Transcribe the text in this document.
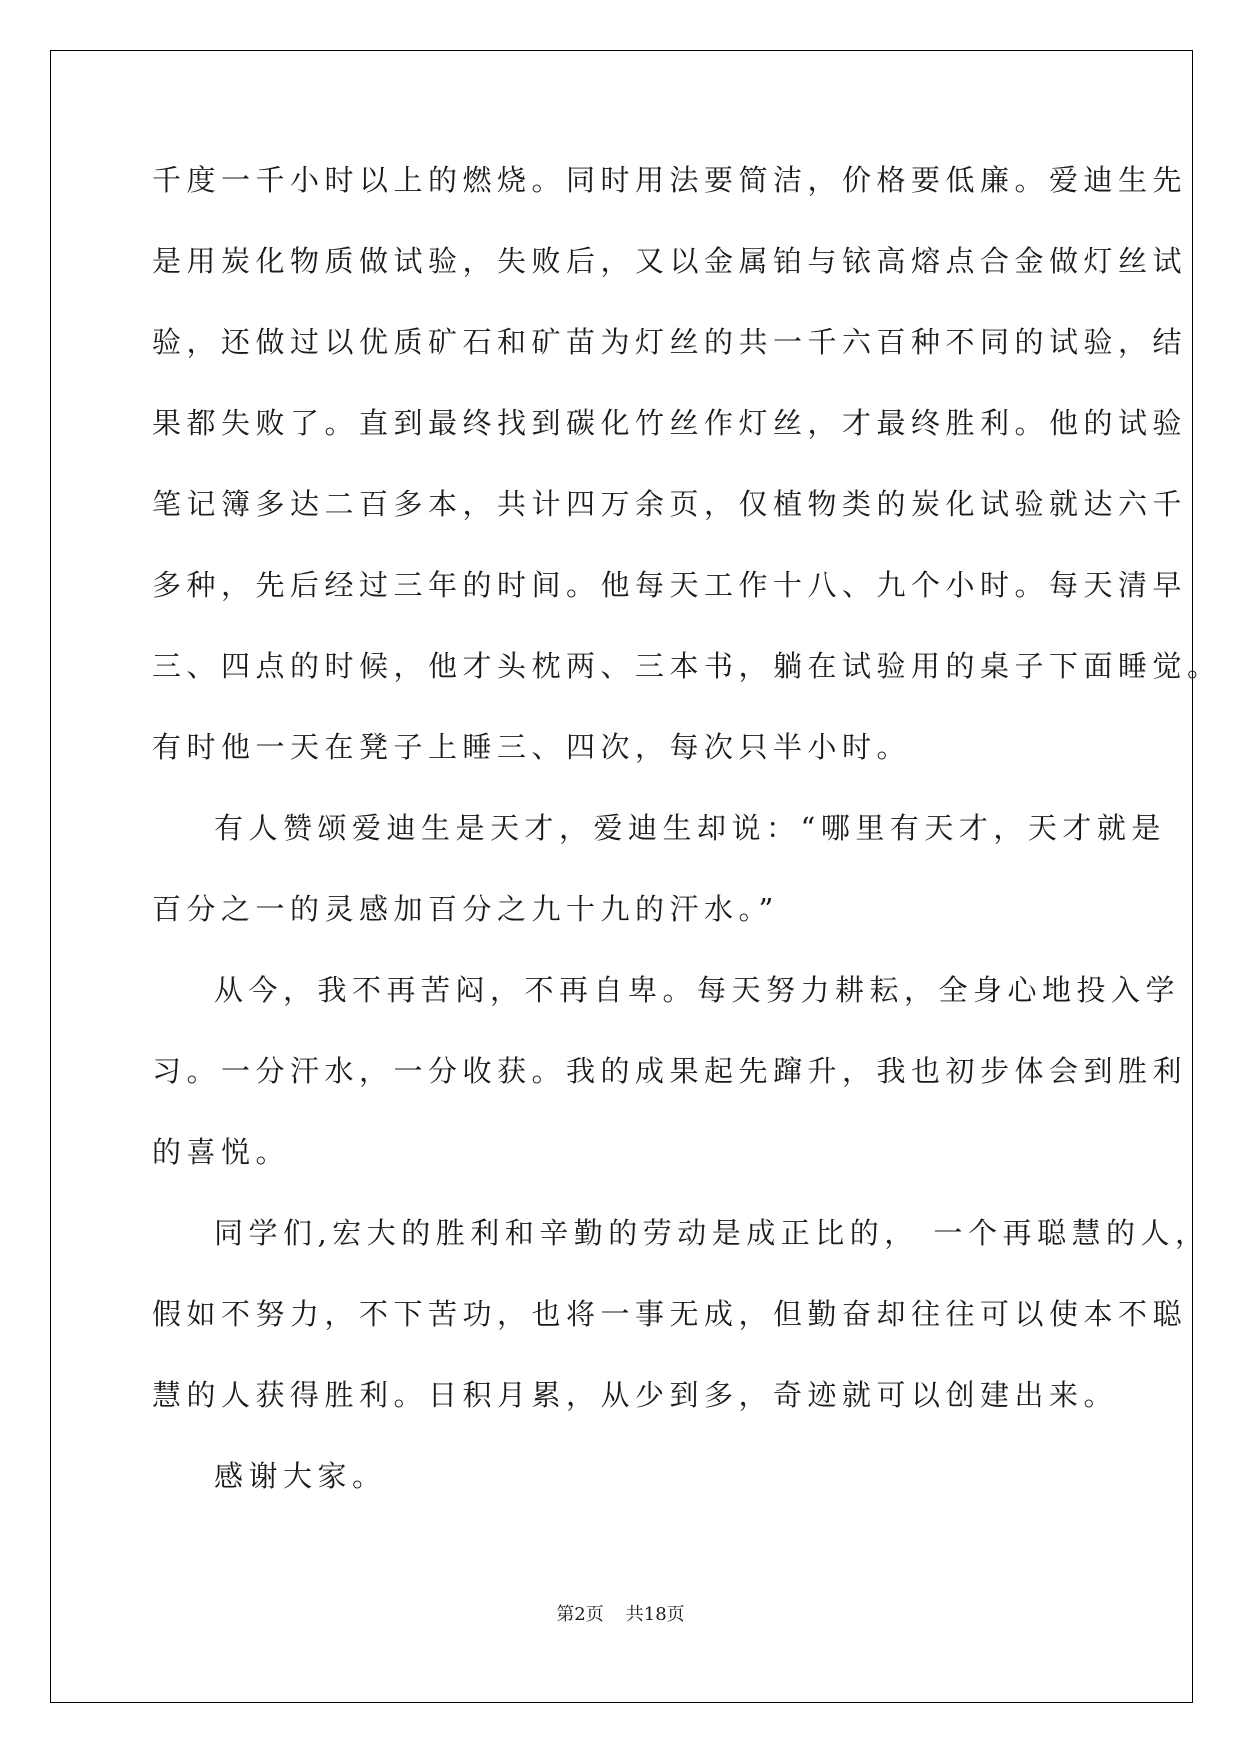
千度一千小时以上的燃烧。同时用法要简洁，价格要低廉。爱迪生先
是用炭化物质做试验，失败后，又以金属铂与铱高熔点合金做灯丝试
验，还做过以优质矿石和矿苗为灯丝的共一千六百种不同的试验，结
果都失败了。直到最终找到碳化竹丝作灯丝，才最终胜利。他的试验
笔记簿多达二百多本，共计四万余页，仅植物类的炭化试验就达六千
多种，先后经过三年的时间。他每天工作十八、九个小时。每天清早
三、四点的时候，他才头枕两、三本书，躺在试验用的桌子下面睡觉。
有时他一天在凳子上睡三、四次，每次只半小时。
有人赞颂爱迪生是天才，爱迪生却说：“哪里有天才，天才就是
百分之一的灵感加百分之九十九的汗水。”
从今，我不再苦闷，不再自卑。每天努力耕耘，全身心地投入学
习。一分汗水，一分收获。我的成果起先蹿升，我也初步体会到胜利
的喜悦。
同学们,宏大的胜利和辛勤的劳动是成正比的， 一个再聪慧的人，
假如不努力，不下苦功，也将一事无成，但勤奋却往往可以使本不聪
慧的人获得胜利。日积月累，从少到多，奇迹就可以创建出来。
感谢大家。
第2页 共18页
